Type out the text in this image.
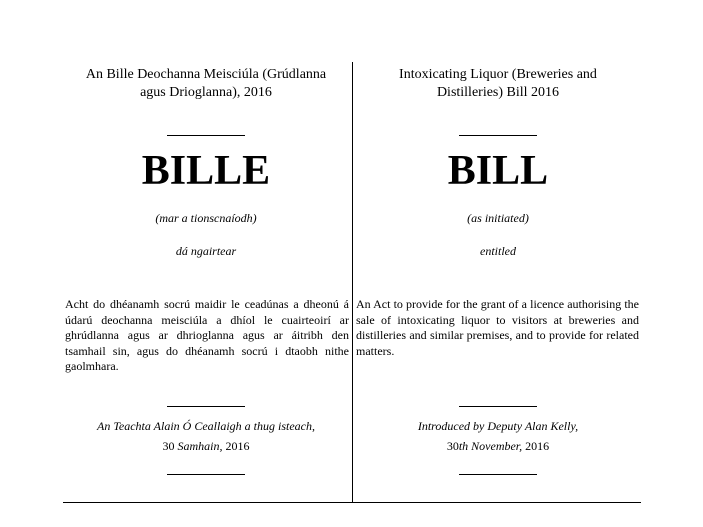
An Bille Deochanna Meisciúla (Grúdlanna
agus Drioglanna), 2016
BILLE
(mar a tionscnaíodh)
dá ngairtear
Acht do dhéanamh socrú maidir le ceadúnas a dheonú á údarú deochanna meisciúla a dhíol le cuairteoirí ar ghrúdlanna agus ar dhrioglanna agus ar áitribh den tsamhail sin, agus do dhéanamh socrú i dtaobh nithe gaolmhara.
An Teachta Alain Ó Ceallaigh a thug isteach,
30 Samhain, 2016
Intoxicating Liquor (Breweries and
Distilleries) Bill 2016
BILL
(as initiated)
entitled
An Act to provide for the grant of a licence authorising the sale of intoxicating liquor to visitors at breweries and distilleries and similar premises, and to provide for related matters.
Introduced by Deputy Alan Kelly,
30th November, 2016
